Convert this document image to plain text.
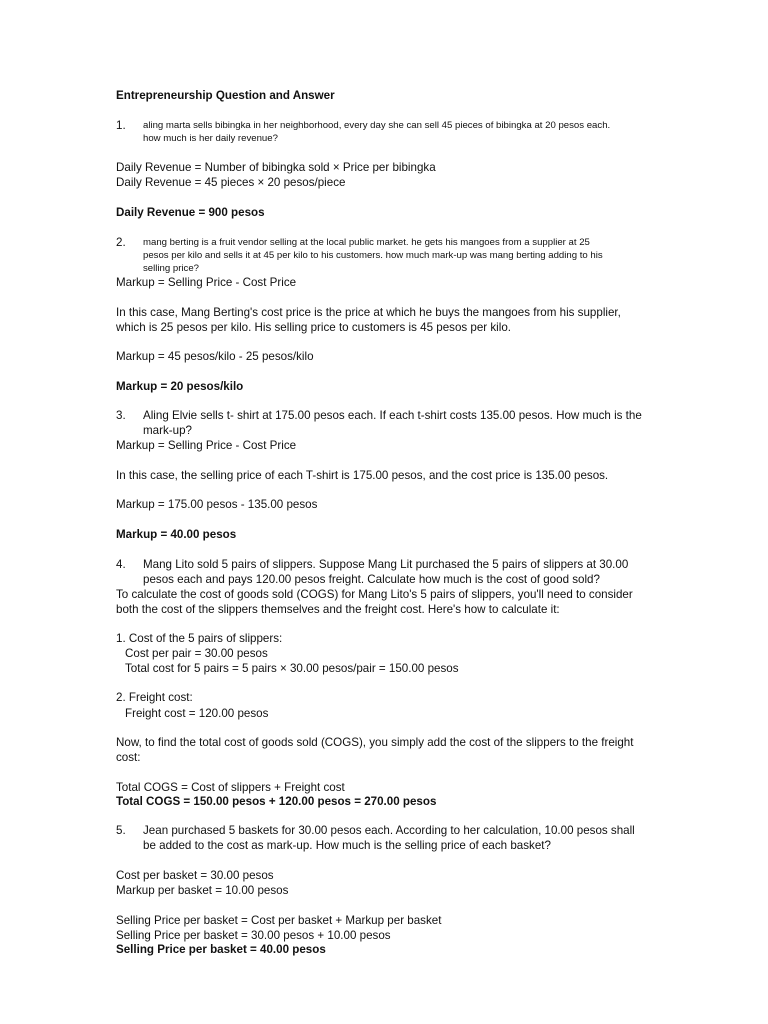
Entrepreneurship Question and Answer
1. aling marta sells bibingka in her neighborhood, every day she can sell 45 pieces of bibingka at 20 pesos each.
how much is her daily revenue?
Daily Revenue = Number of bibingka sold × Price per bibingka
Daily Revenue = 45 pieces × 20 pesos/piece
Daily Revenue = 900 pesos
2. mang berting is a fruit vendor selling at the local public market. he gets his mangoes from a supplier at 25
pesos per kilo and sells it at 45 per kilo to his customers. how much mark-up was mang berting adding to his
selling price?
Markup = Selling Price - Cost Price
In this case, Mang Berting's cost price is the price at which he buys the mangoes from his supplier,
which is 25 pesos per kilo. His selling price to customers is 45 pesos per kilo.
Markup = 45 pesos/kilo - 25 pesos/kilo
Markup = 20 pesos/kilo
3. Aling Elvie sells t- shirt at 175.00 pesos each. If each t-shirt costs 135.00 pesos. How much is the
mark-up?
Markup = Selling Price - Cost Price
In this case, the selling price of each T-shirt is 175.00 pesos, and the cost price is 135.00 pesos.
Markup = 175.00 pesos - 135.00 pesos
Markup = 40.00 pesos
4. Mang Lito sold 5 pairs of slippers. Suppose Mang Lit purchased the 5 pairs of slippers at 30.00
pesos each and pays 120.00 pesos freight. Calculate how much is the cost of good sold?
To calculate the cost of goods sold (COGS) for Mang Lito's 5 pairs of slippers, you'll need to consider
both the cost of the slippers themselves and the freight cost. Here's how to calculate it:
1. Cost of the 5 pairs of slippers:
Cost per pair = 30.00 pesos
Total cost for 5 pairs = 5 pairs × 30.00 pesos/pair = 150.00 pesos
2. Freight cost:
Freight cost = 120.00 pesos
Now, to find the total cost of goods sold (COGS), you simply add the cost of the slippers to the freight
cost:
Total COGS = Cost of slippers + Freight cost
Total COGS = 150.00 pesos + 120.00 pesos = 270.00 pesos
5. Jean purchased 5 baskets for 30.00 pesos each. According to her calculation, 10.00 pesos shall
be added to the cost as mark-up. How much is the selling price of each basket?
Cost per basket = 30.00 pesos
Markup per basket = 10.00 pesos
Selling Price per basket = Cost per basket + Markup per basket
Selling Price per basket = 30.00 pesos + 10.00 pesos
Selling Price per basket = 40.00 pesos
